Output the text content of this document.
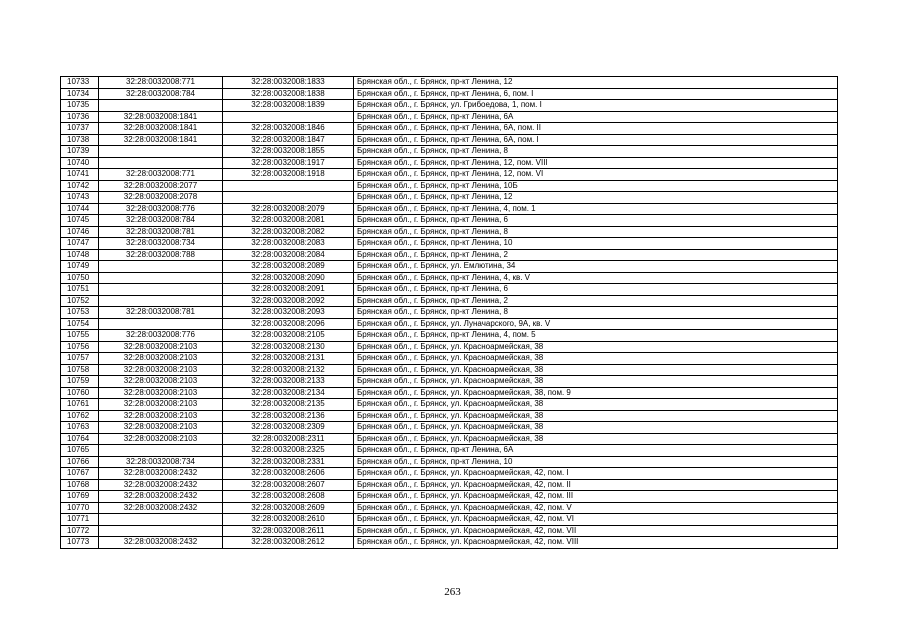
10733	32:28:0032008:771	32:28:0032008:1833	Брянская обл., г. Брянск, пр-кт Ленина, 12
10734	32:28:0032008:784	32:28:0032008:1838	Брянская обл., г. Брянск, пр-кт Ленина, 6, пом. I
10735		32:28:0032008:1839	Брянская обл., г. Брянск, ул. Грибоедова, 1, пом. I
10736	32:28:0032008:1841		Брянская обл., г. Брянск, пр-кт Ленина, 6А
10737	32:28:0032008:1841	32:28:0032008:1846	Брянская обл., г. Брянск, пр-кт Ленина, 6А, пом. II
10738	32:28:0032008:1841	32:28:0032008:1847	Брянская обл., г. Брянск, пр-кт Ленина, 6А, пом. I
10739		32:28:0032008:1855	Брянская обл., г. Брянск, пр-кт Ленина, 8
10740		32:28:0032008:1917	Брянская обл., г. Брянск, пр-кт Ленина, 12, пом. VIII
10741	32:28:0032008:771	32:28:0032008:1918	Брянская обл., г. Брянск, пр-кт Ленина, 12, пом. VI
10742	32:28:0032008:2077		Брянская обл., г. Брянск, пр-кт Ленина, 10Б
10743	32:28:0032008:2078		Брянская обл., г. Брянск, пр-кт Ленина, 12
10744	32:28:0032008:776	32:28:0032008:2079	Брянская обл., г. Брянск, пр-кт Ленина, 4, пом. 1
10745	32:28:0032008:784	32:28:0032008:2081	Брянская обл., г. Брянск, пр-кт Ленина, 6
10746	32:28:0032008:781	32:28:0032008:2082	Брянская обл., г. Брянск, пр-кт Ленина, 8
10747	32:28:0032008:734	32:28:0032008:2083	Брянская обл., г. Брянск, пр-кт Ленина, 10
10748	32:28:0032008:788	32:28:0032008:2084	Брянская обл., г. Брянск, пр-кт Ленина, 2
10749		32:28:0032008:2089	Брянская обл., г. Брянск, ул. Емлютина, 34
10750		32:28:0032008:2090	Брянская обл., г. Брянск, пр-кт Ленина, 4, кв. V
10751		32:28:0032008:2091	Брянская обл., г. Брянск, пр-кт Ленина, 6
10752		32:28:0032008:2092	Брянская обл., г. Брянск, пр-кт Ленина, 2
10753	32:28:0032008:781	32:28:0032008:2093	Брянская обл., г. Брянск, пр-кт Ленина, 8
10754		32:28:0032008:2096	Брянская обл., г. Брянск, ул. Луначарского, 9А, кв. V
10755	32:28:0032008:776	32:28:0032008:2105	Брянская обл., г. Брянск, пр-кт Ленина, 4, пом. 5
10756	32:28:0032008:2103	32:28:0032008:2130	Брянская обл., г. Брянск, ул. Красноармейская, 38
10757	32:28:0032008:2103	32:28:0032008:2131	Брянская обл., г. Брянск, ул. Красноармейская, 38
10758	32:28:0032008:2103	32:28:0032008:2132	Брянская обл., г. Брянск, ул. Красноармейская, 38
10759	32:28:0032008:2103	32:28:0032008:2133	Брянская обл., г. Брянск, ул. Красноармейская, 38
10760	32:28:0032008:2103	32:28:0032008:2134	Брянская обл., г. Брянск, ул. Красноармейская, 38, пом. 9
10761	32:28:0032008:2103	32:28:0032008:2135	Брянская обл., г. Брянск, ул. Красноармейская, 38
10762	32:28:0032008:2103	32:28:0032008:2136	Брянская обл., г. Брянск, ул. Красноармейская, 38
10763	32:28:0032008:2103	32:28:0032008:2309	Брянская обл., г. Брянск, ул. Красноармейская, 38
10764	32:28:0032008:2103	32:28:0032008:2311	Брянская обл., г. Брянск, ул. Красноармейская, 38
10765		32:28:0032008:2325	Брянская обл., г. Брянск, пр-кт Ленина, 6А
10766	32:28:0032008:734	32:28:0032008:2331	Брянская обл., г. Брянск, пр-кт Ленина, 10
10767	32:28:0032008:2432	32:28:0032008:2606	Брянская обл., г. Брянск, ул. Красноармейская, 42, пом. I
10768	32:28:0032008:2432	32:28:0032008:2607	Брянская обл., г. Брянск, ул. Красноармейская, 42, пом. II
10769	32:28:0032008:2432	32:28:0032008:2608	Брянская обл., г. Брянск, ул. Красноармейская, 42, пом. III
10770	32:28:0032008:2432	32:28:0032008:2609	Брянская обл., г. Брянск, ул. Красноармейская, 42, пом. V
10771		32:28:0032008:2610	Брянская обл., г. Брянск, ул. Красноармейская, 42, пом. VI
10772		32:28:0032008:2611	Брянская обл., г. Брянск, ул. Красноармейская, 42, пом. VII
10773	32:28:0032008:2432	32:28:0032008:2612	Брянская обл., г. Брянск, ул. Красноармейская, 42, пом. VIII
263
